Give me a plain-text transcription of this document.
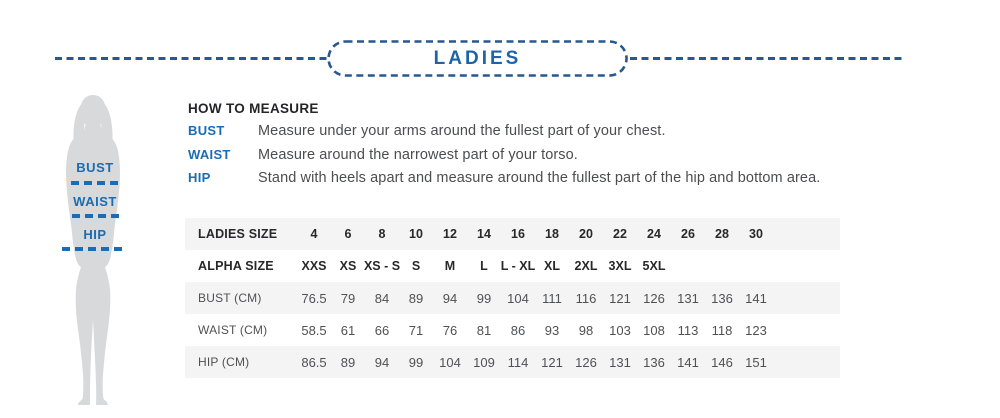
LADIES
BUST
WAIST
HIP
HOW TO MEASURE
BUST	Measure under your arms around the fullest part of your chest.
WAIST	Measure around the narrowest part of your torso.
HIP	Stand with heels apart and measure around the fullest part of the hip and bottom area.
LADIES SIZE	4 6 8 10 12 14 16 18 20 22 24 26 28 30
ALPHA SIZE	XXS XS XS - S S M L L - XL XL 2XL 3XL 5XL
BUST (CM)	76.5 79 84 89 94 99 104 111 116 121 126 131 136 141
WAIST (CM)	58.5 61 66 71 76 81 86 93 98 103 108 113 118 123
HIP (CM)	86.5 89 94 99 104 109 114 121 126 131 136 141 146 151
